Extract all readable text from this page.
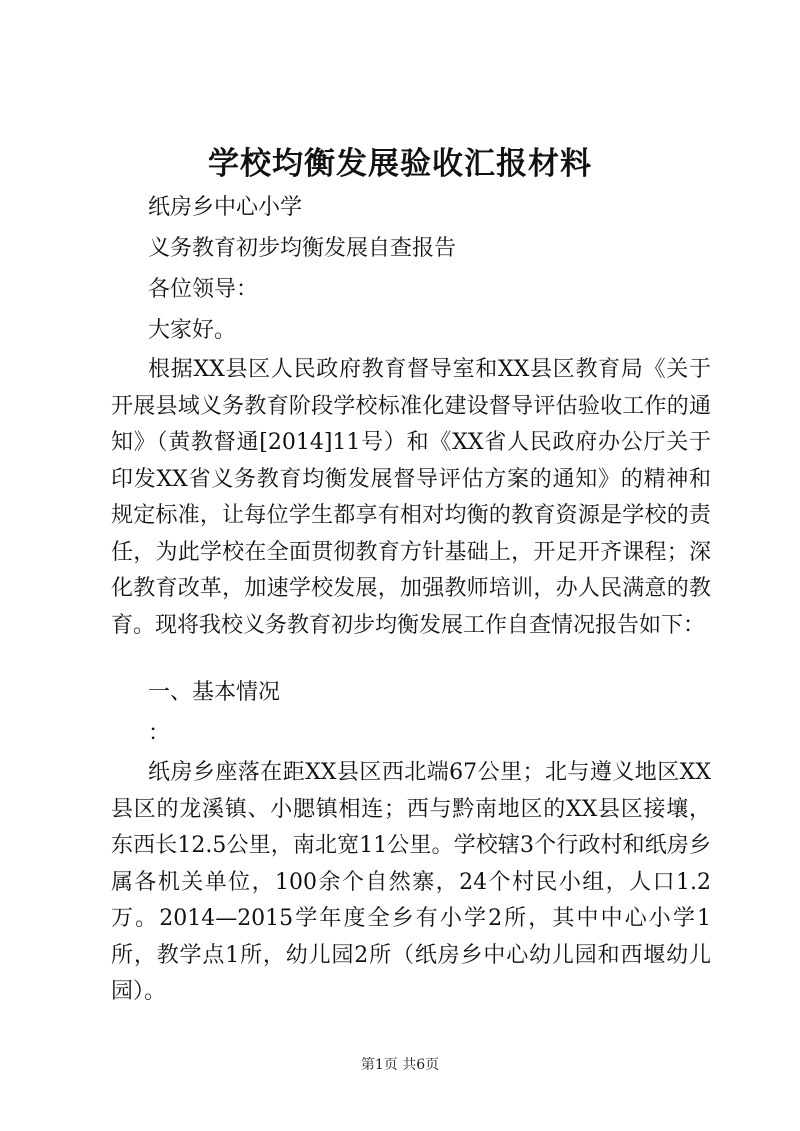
学校均衡发展验收汇报材料
纸房乡中心小学
义务教育初步均衡发展自查报告
各位领导：
大家好。
根据XX县区人民政府教育督导室和XX县区教育局《关于开展县域义务教育阶段学校标准化建设督导评估验收工作的通知》（黄教督通[2014]11号）和《XX省人民政府办公厅关于印发XX省义务教育均衡发展督导评估方案的通知》的精神和规定标准，让每位学生都享有相对均衡的教育资源是学校的责任，为此学校在全面贯彻教育方针基础上，开足开齐课程；深化教育改革，加速学校发展，加强教师培训，办人民满意的教育。现将我校义务教育初步均衡发展工作自查情况报告如下：
一、基本情况
：
纸房乡座落在距XX县区西北端67公里；北与遵义地区XX县区的龙溪镇、小腮镇相连；西与黔南地区的XX县区接壤，东西长12.5公里，南北宽11公里。学校辖3个行政村和纸房乡属各机关单位，100余个自然寨，24个村民小组，人口1.2万。2014—2015学年度全乡有小学2所，其中中心小学1所，教学点1所，幼儿园2所（纸房乡中心幼儿园和西堰幼儿园）。
第1页 共6页
